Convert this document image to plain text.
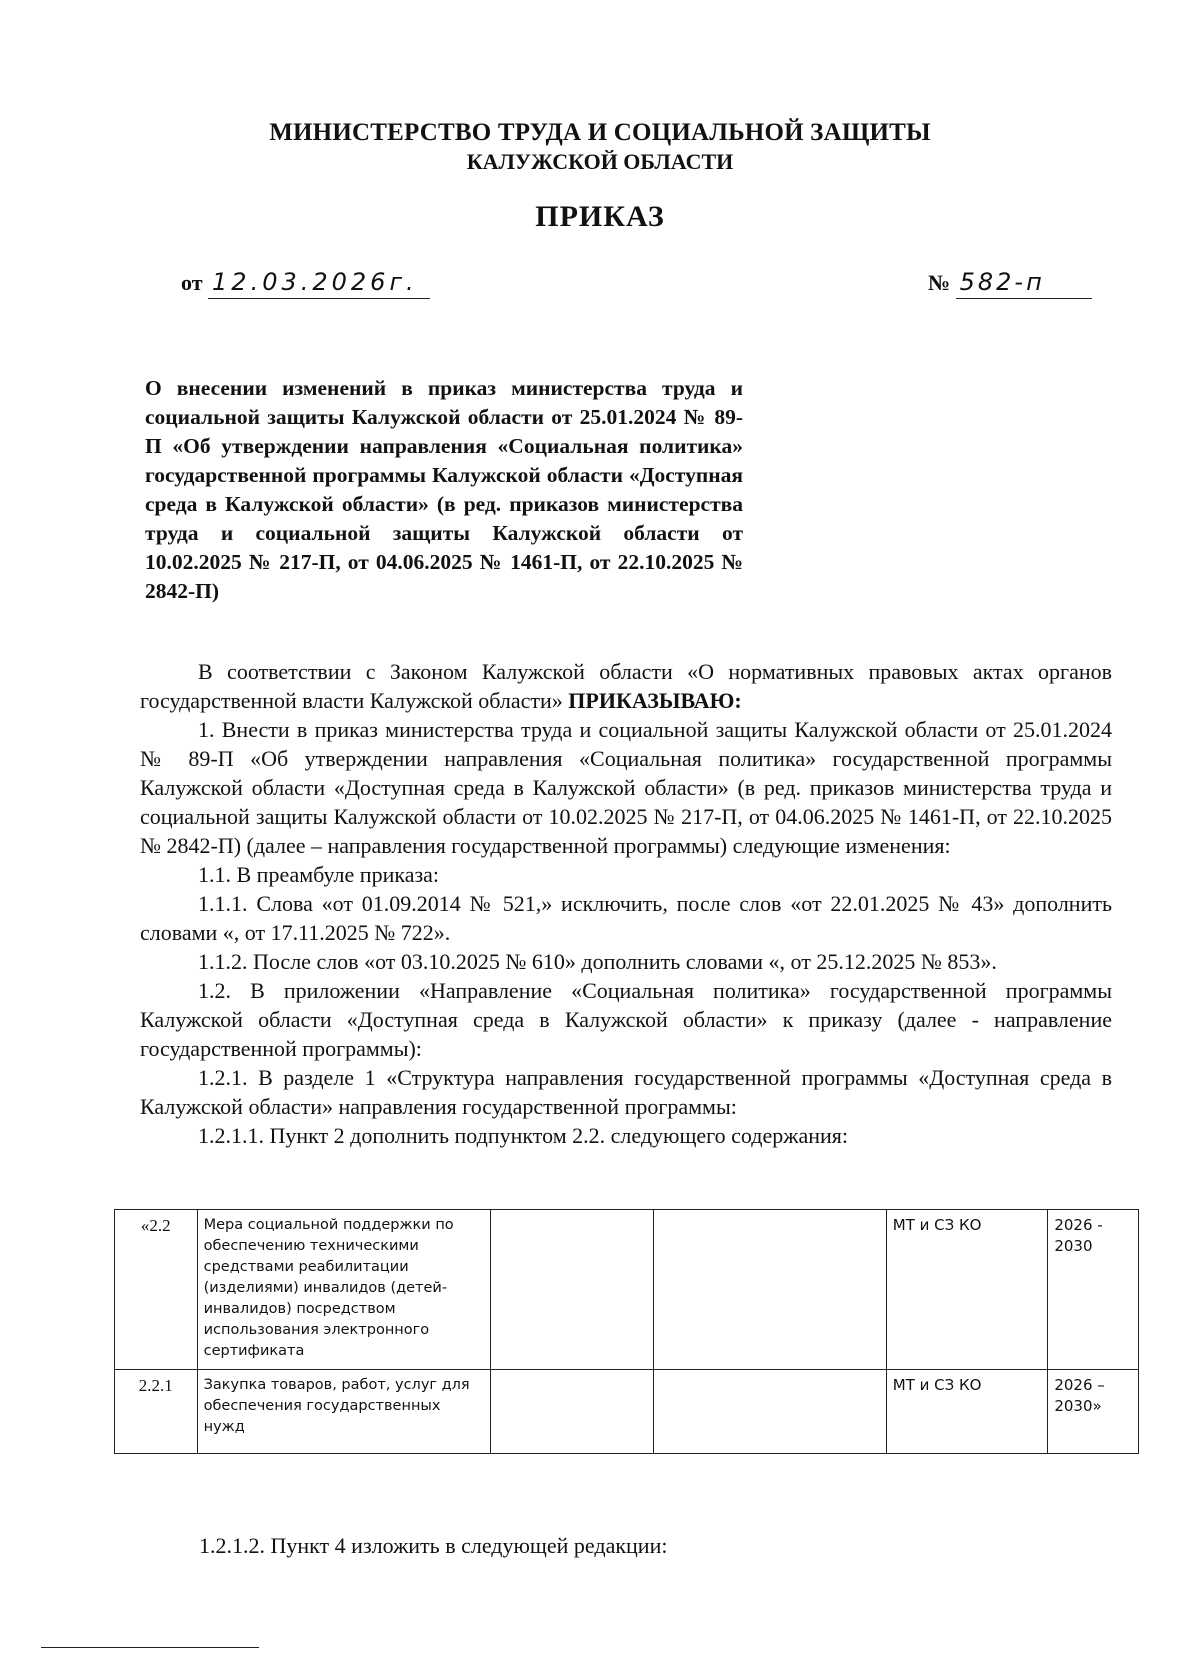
МИНИСТЕРСТВО ТРУДА И СОЦИАЛЬНОЙ ЗАЩИТЫ
КАЛУЖСКОЙ ОБЛАСТИ
ПРИКАЗ
от 12.03.2026г.	№ 582-п
О внесении изменений в приказ министерства труда и социальной защиты Калужской области от 25.01.2024 № 89-П «Об утверждении направления «Социальная политика» государственной программы Калужской области «Доступная среда в Калужской области» (в ред. приказов министерства труда и социальной защиты Калужской области от 10.02.2025 № 217-П, от 04.06.2025 № 1461-П, от 22.10.2025 № 2842-П)

В соответствии с Законом Калужской области «О нормативных правовых актах органов государственной власти Калужской области» ПРИКАЗЫВАЮ:

1. Внести в приказ министерства труда и социальной защиты Калужской области от 25.01.2024 № 89-П «Об утверждении направления «Социальная политика» государственной программы Калужской области «Доступная среда в Калужской области» (в ред. приказов министерства труда и социальной защиты Калужской области от 10.02.2025 № 217-П, от 04.06.2025 № 1461-П, от 22.10.2025 № 2842-П) (далее – направления государственной программы) следующие изменения:

1.1. В преамбуле приказа:

1.1.1. Слова «от 01.09.2014 № 521,» исключить, после слов «от 22.01.2025 № 43» дополнить словами «, от 17.11.2025 № 722».

1.1.2. После слов «от 03.10.2025 № 610» дополнить словами «, от 25.12.2025 № 853».

1.2. В приложении «Направление «Социальная политика» государственной программы Калужской области «Доступная среда в Калужской области» к приказу (далее - направление государственной программы):

1.2.1. В разделе 1 «Структура направления государственной программы «Доступная среда в Калужской области» направления государственной программы:

1.2.1.1. Пункт 2 дополнить подпунктом 2.2. следующего содержания:

«2.2	Мера социальной поддержки по обеспечению техническими средствами реабилитации (изделиями) инвалидов (детей-инвалидов) посредством использования электронного сертификата			МТ и СЗ КО	2026 - 2030
2.2.1	Закупка товаров, работ, услуг для обеспечения государственных нужд			МТ и СЗ КО	2026 – 2030»
1.2.1.2. Пункт 4 изложить в следующей редакции:
